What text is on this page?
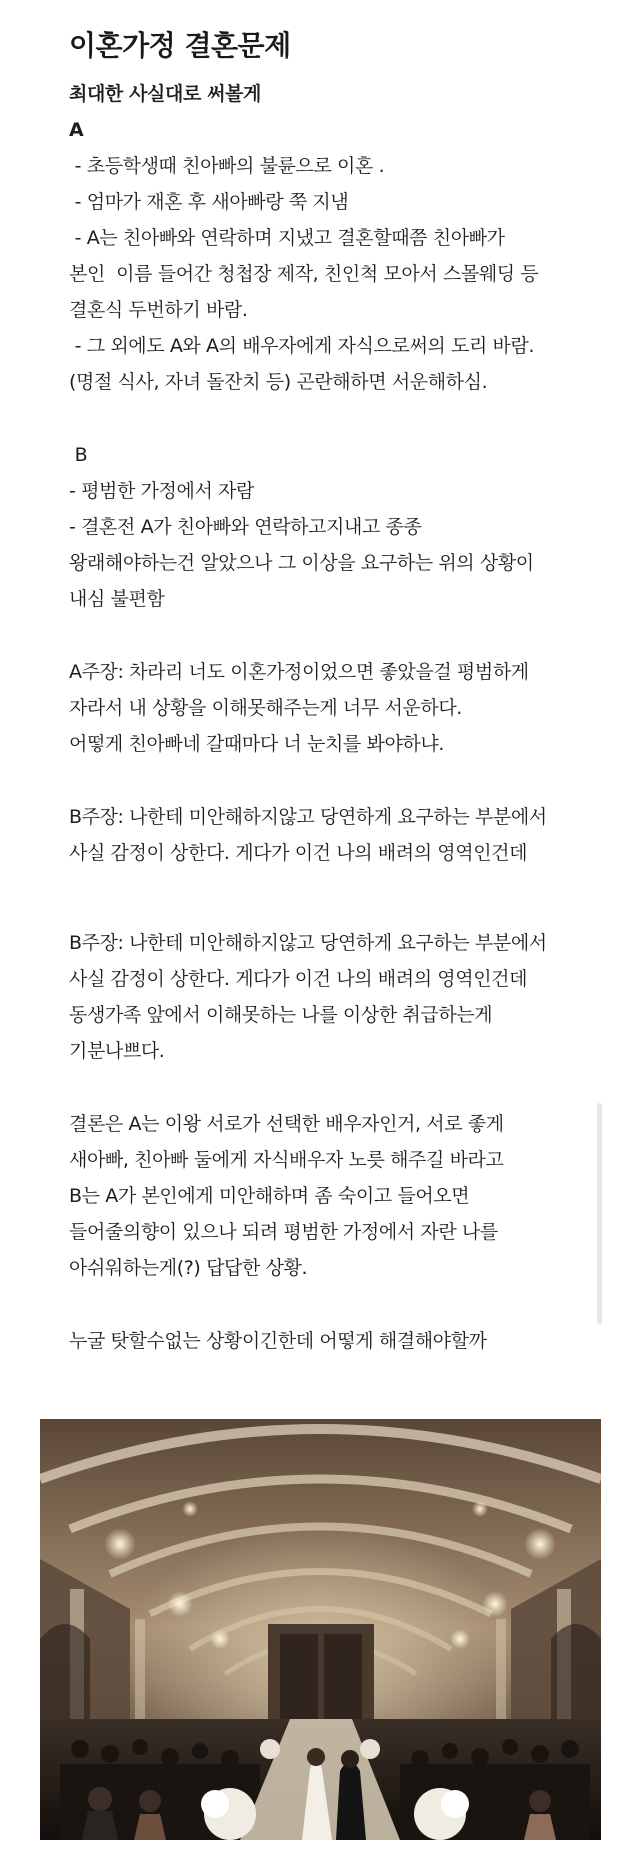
이혼가정 결혼문제
최대한 사실대로 써볼게
A
- 초등학생때 친아빠의 불륜으로 이혼 .
- 엄마가 재혼 후 새아빠랑 쭉 지냄
- A는 친아빠와 연락하며 지냈고 결혼할때쯤 친아빠가
본인  이름 들어간 청첩장 제작, 친인척 모아서 스몰웨딩 등
결혼식 두번하기 바람.
- 그 외에도 A와 A의 배우자에게 자식으로써의 도리 바람.
(명절 식사, 자녀 돌잔치 등) 곤란해하면 서운해하심.
B
- 평범한 가정에서 자람
- 결혼전 A가 친아빠와 연락하고지내고 종종
왕래해야하는건 알았으나 그 이상을 요구하는 위의 상황이
내심 불편함
A주장: 차라리 너도 이혼가정이었으면 좋았을걸 평범하게
자라서 내 상황을 이해못해주는게 너무 서운하다.
어떻게 친아빠네 갈때마다 너 눈치를 봐야하냐.
B주장: 나한테 미안해하지않고 당연하게 요구하는 부분에서
사실 감정이 상한다. 게다가 이건 나의 배려의 영역인건데
B주장: 나한테 미안해하지않고 당연하게 요구하는 부분에서
사실 감정이 상한다. 게다가 이건 나의 배려의 영역인건데
동생가족 앞에서 이해못하는 나를 이상한 취급하는게
기분나쁘다.
결론은 A는 이왕 서로가 선택한 배우자인거, 서로 좋게
새아빠, 친아빠 둘에게 자식배우자 노릇 해주길 바라고
B는 A가 본인에게 미안해하며 좀 숙이고 들어오면
들어줄의향이 있으나 되려 평범한 가정에서 자란 나를
아쉬워하는게(?) 답답한 상황.
누굴 탓할수없는 상황이긴한데 어떻게 해결해야할까
